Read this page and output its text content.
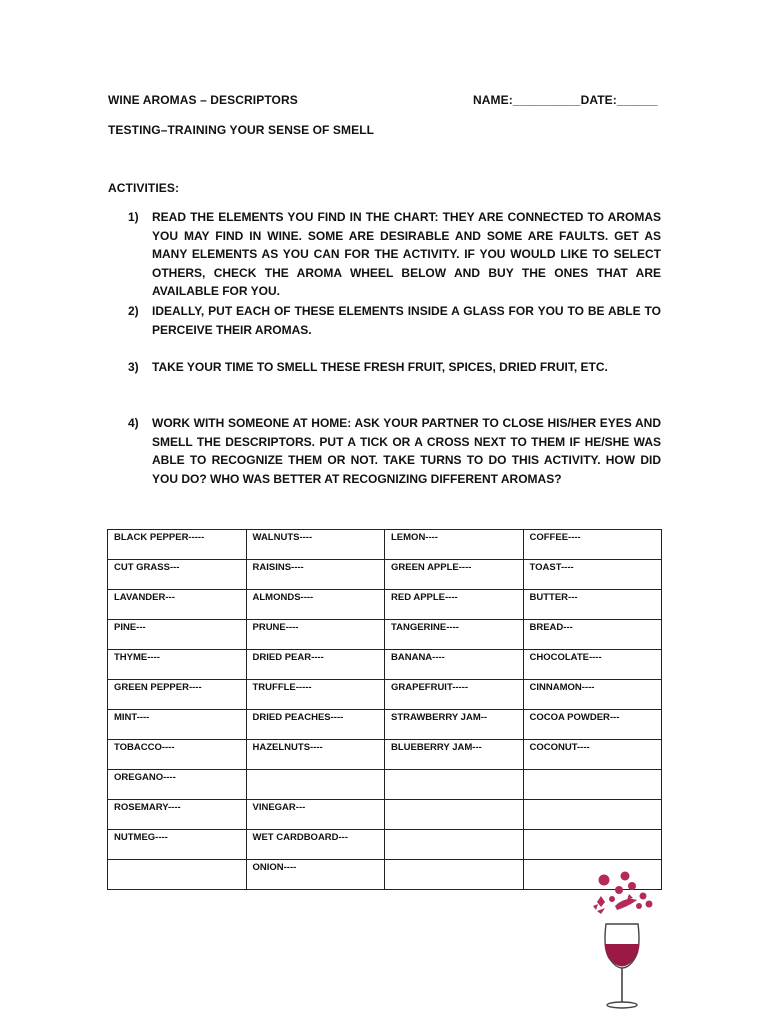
WINE AROMAS – DESCRIPTORS	NAME:__________DATE:______
TESTING–TRAINING YOUR SENSE OF SMELL
ACTIVITIES:
1)	READ THE ELEMENTS YOU FIND IN THE CHART: THEY ARE CONNECTED TO AROMAS YOU MAY FIND IN WINE. SOME ARE DESIRABLE AND SOME ARE FAULTS. GET AS MANY ELEMENTS AS YOU CAN FOR THE ACTIVITY. IF YOU WOULD LIKE TO SELECT OTHERS, CHECK THE AROMA WHEEL BELOW AND BUY THE ONES THAT ARE AVAILABLE FOR YOU.
2)	IDEALLY, PUT EACH OF THESE ELEMENTS INSIDE A GLASS FOR YOU TO BE ABLE TO PERCEIVE THEIR AROMAS.
3)	TAKE YOUR TIME TO SMELL THESE FRESH FRUIT, SPICES, DRIED FRUIT, ETC.
4)	WORK WITH SOMEONE AT HOME: ASK YOUR PARTNER TO CLOSE HIS/HER EYES AND SMELL THE DESCRIPTORS. PUT A TICK OR A CROSS NEXT TO THEM IF HE/SHE WAS ABLE TO RECOGNIZE THEM OR NOT. TAKE TURNS TO DO THIS ACTIVITY. HOW DID YOU DO? WHO WAS BETTER AT RECOGNIZING DIFFERENT AROMAS?
BLACK PEPPER-----	WALNUTS----	LEMON----	COFFEE----
CUT GRASS---	RAISINS----	GREEN APPLE----	TOAST----
LAVANDER---	ALMONDS----	RED APPLE----	BUTTER---
PINE---	PRUNE----	TANGERINE----	BREAD---
THYME----	DRIED PEAR----	BANANA----	CHOCOLATE----
GREEN PEPPER----	TRUFFLE-----	GRAPEFRUIT-----	CINNAMON----
MINT----	DRIED PEACHES----	STRAWBERRY JAM--	COCOA POWDER---
TOBACCO----	HAZELNUTS----	BLUEBERRY JAM---	COCONUT----
OREGANO----			
ROSEMARY----	VINEGAR---		
NUTMEG----	WET CARDBOARD---		
	ONION----		
